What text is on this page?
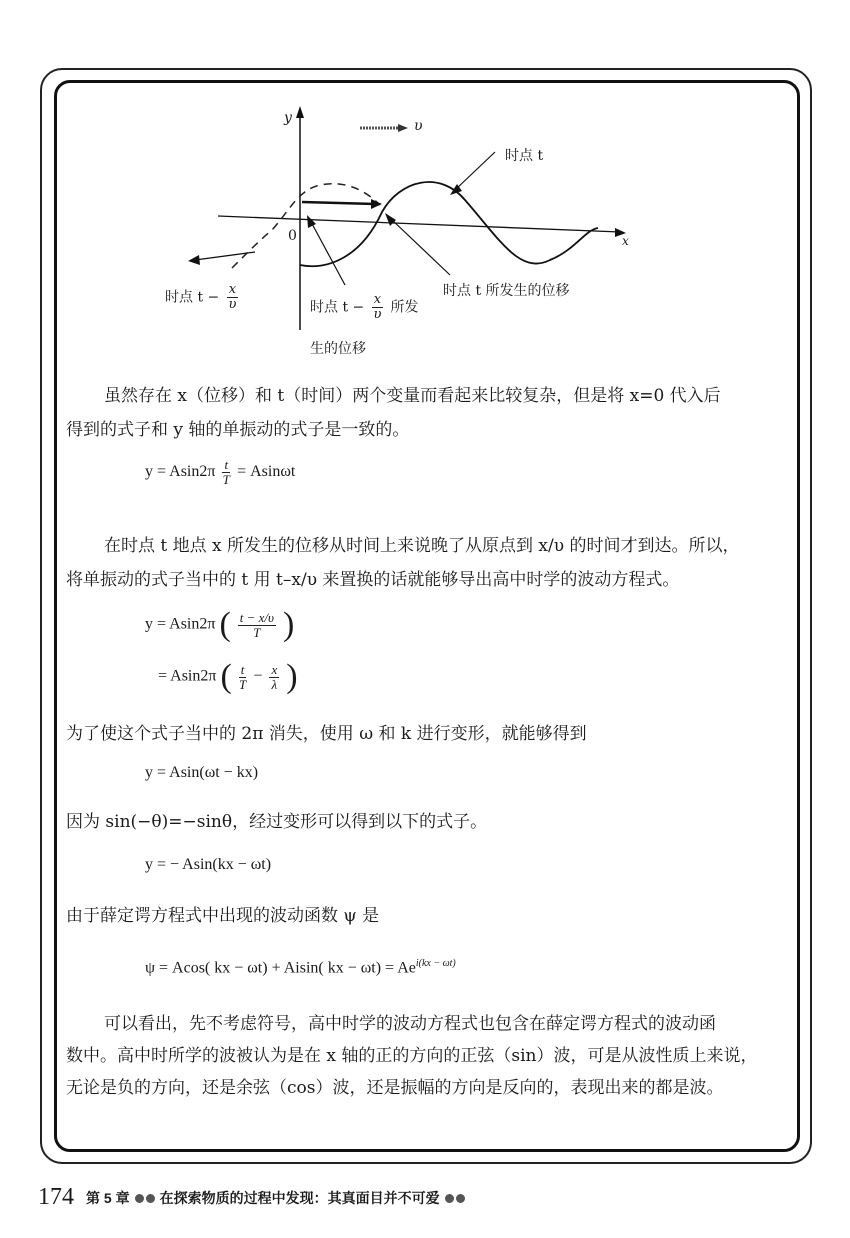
y
x
0
υ
时点 t
时点 $t - \frac{x}{\upsilon}$	时点 $t - \frac{x}{\upsilon}$ 所发
生的位移
时点 t 所发生的位移
虽然存在 x（位移）和 t（时间）两个变量而看起来比较复杂，但是将 x=0 代入后
得到的式子和 y 轴的单振动的式子是一致的。
$y = Asin2\pi \frac{t}{T} = Asin\omega t$
在时点 t 地点 x 所发生的位移从时间上来说晚了从原点到 x/υ 的时间才到达。所以，
将单振动的式子当中的 t 用 t–x/υ 来置换的话就能够导出高中时学的波动方程式。
y = Asin2π ( $\frac{t - x/\upsilon}{T}$ )
= Asin2π ( $\frac{t}{T} - \frac{x}{\lambda}$ )
为了使这个式子当中的 2π 消失，使用 ω 和 k 进行变形，就能够得到
y = Asin(ωt − kx)
因为 sin(−θ)=−sinθ，经过变形可以得到以下的式子。
y = − Asin(kx − ωt)
由于薛定谔方程式中出现的波动函数 ψ 是
ψ = Acos( kx − ωt) + Aisin( kx − $\omega t) = Ae^{i(kx - \omega t)}$
可以看出，先不考虑符号，高中时学的波动方程式也包含在薛定谔方程式的波动函
数中。高中时所学的波被认为是在 x 轴的正的方向的正弦（sin）波，可是从波性质上来说，
无论是负的方向，还是余弦（cos）波，还是振幅的方向是反向的，表现出来的都是波。
174 第 5 章 在探索物质的过程中发现：其真面目并不可爱
